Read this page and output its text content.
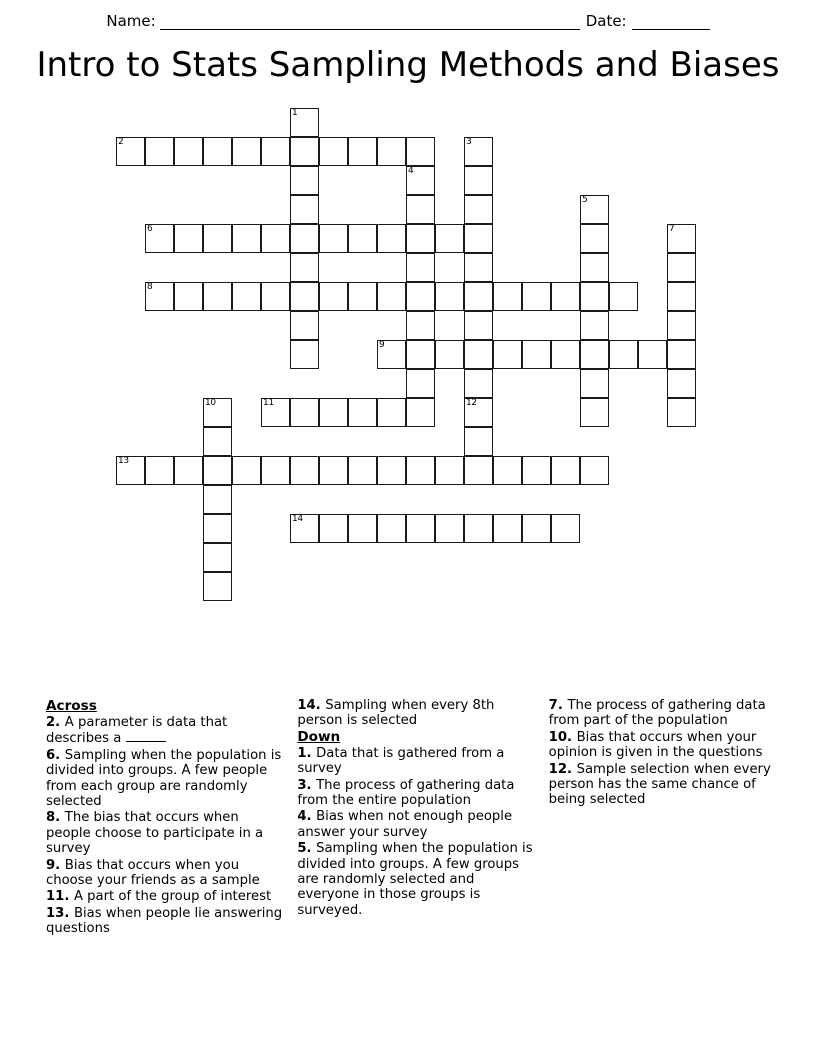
Name:	Date:
Intro to Stats Sampling Methods and Biases
1
2	3
4
5
6	7
8
9
10	11	12
13
14
Across
2. A parameter is data that describes a
6. Sampling when the population is divided into groups. A few people from each group are randomly selected
8. The bias that occurs when people choose to participate in a survey
9. Bias that occurs when you choose your friends as a sample
11. A part of the group of interest
13. Bias when people lie answering questions
14. Sampling when every 8th person is selected
Down
1. Data that is gathered from a survey
3. The process of gathering data from the entire population
4. Bias when not enough people answer your survey
5. Sampling when the population is divided into groups. A few groups are randomly selected and everyone in those groups is surveyed.
7. The process of gathering data from part of the population
10. Bias that occurs when your opinion is given in the questions
12. Sample selection when every person has the same chance of being selected
